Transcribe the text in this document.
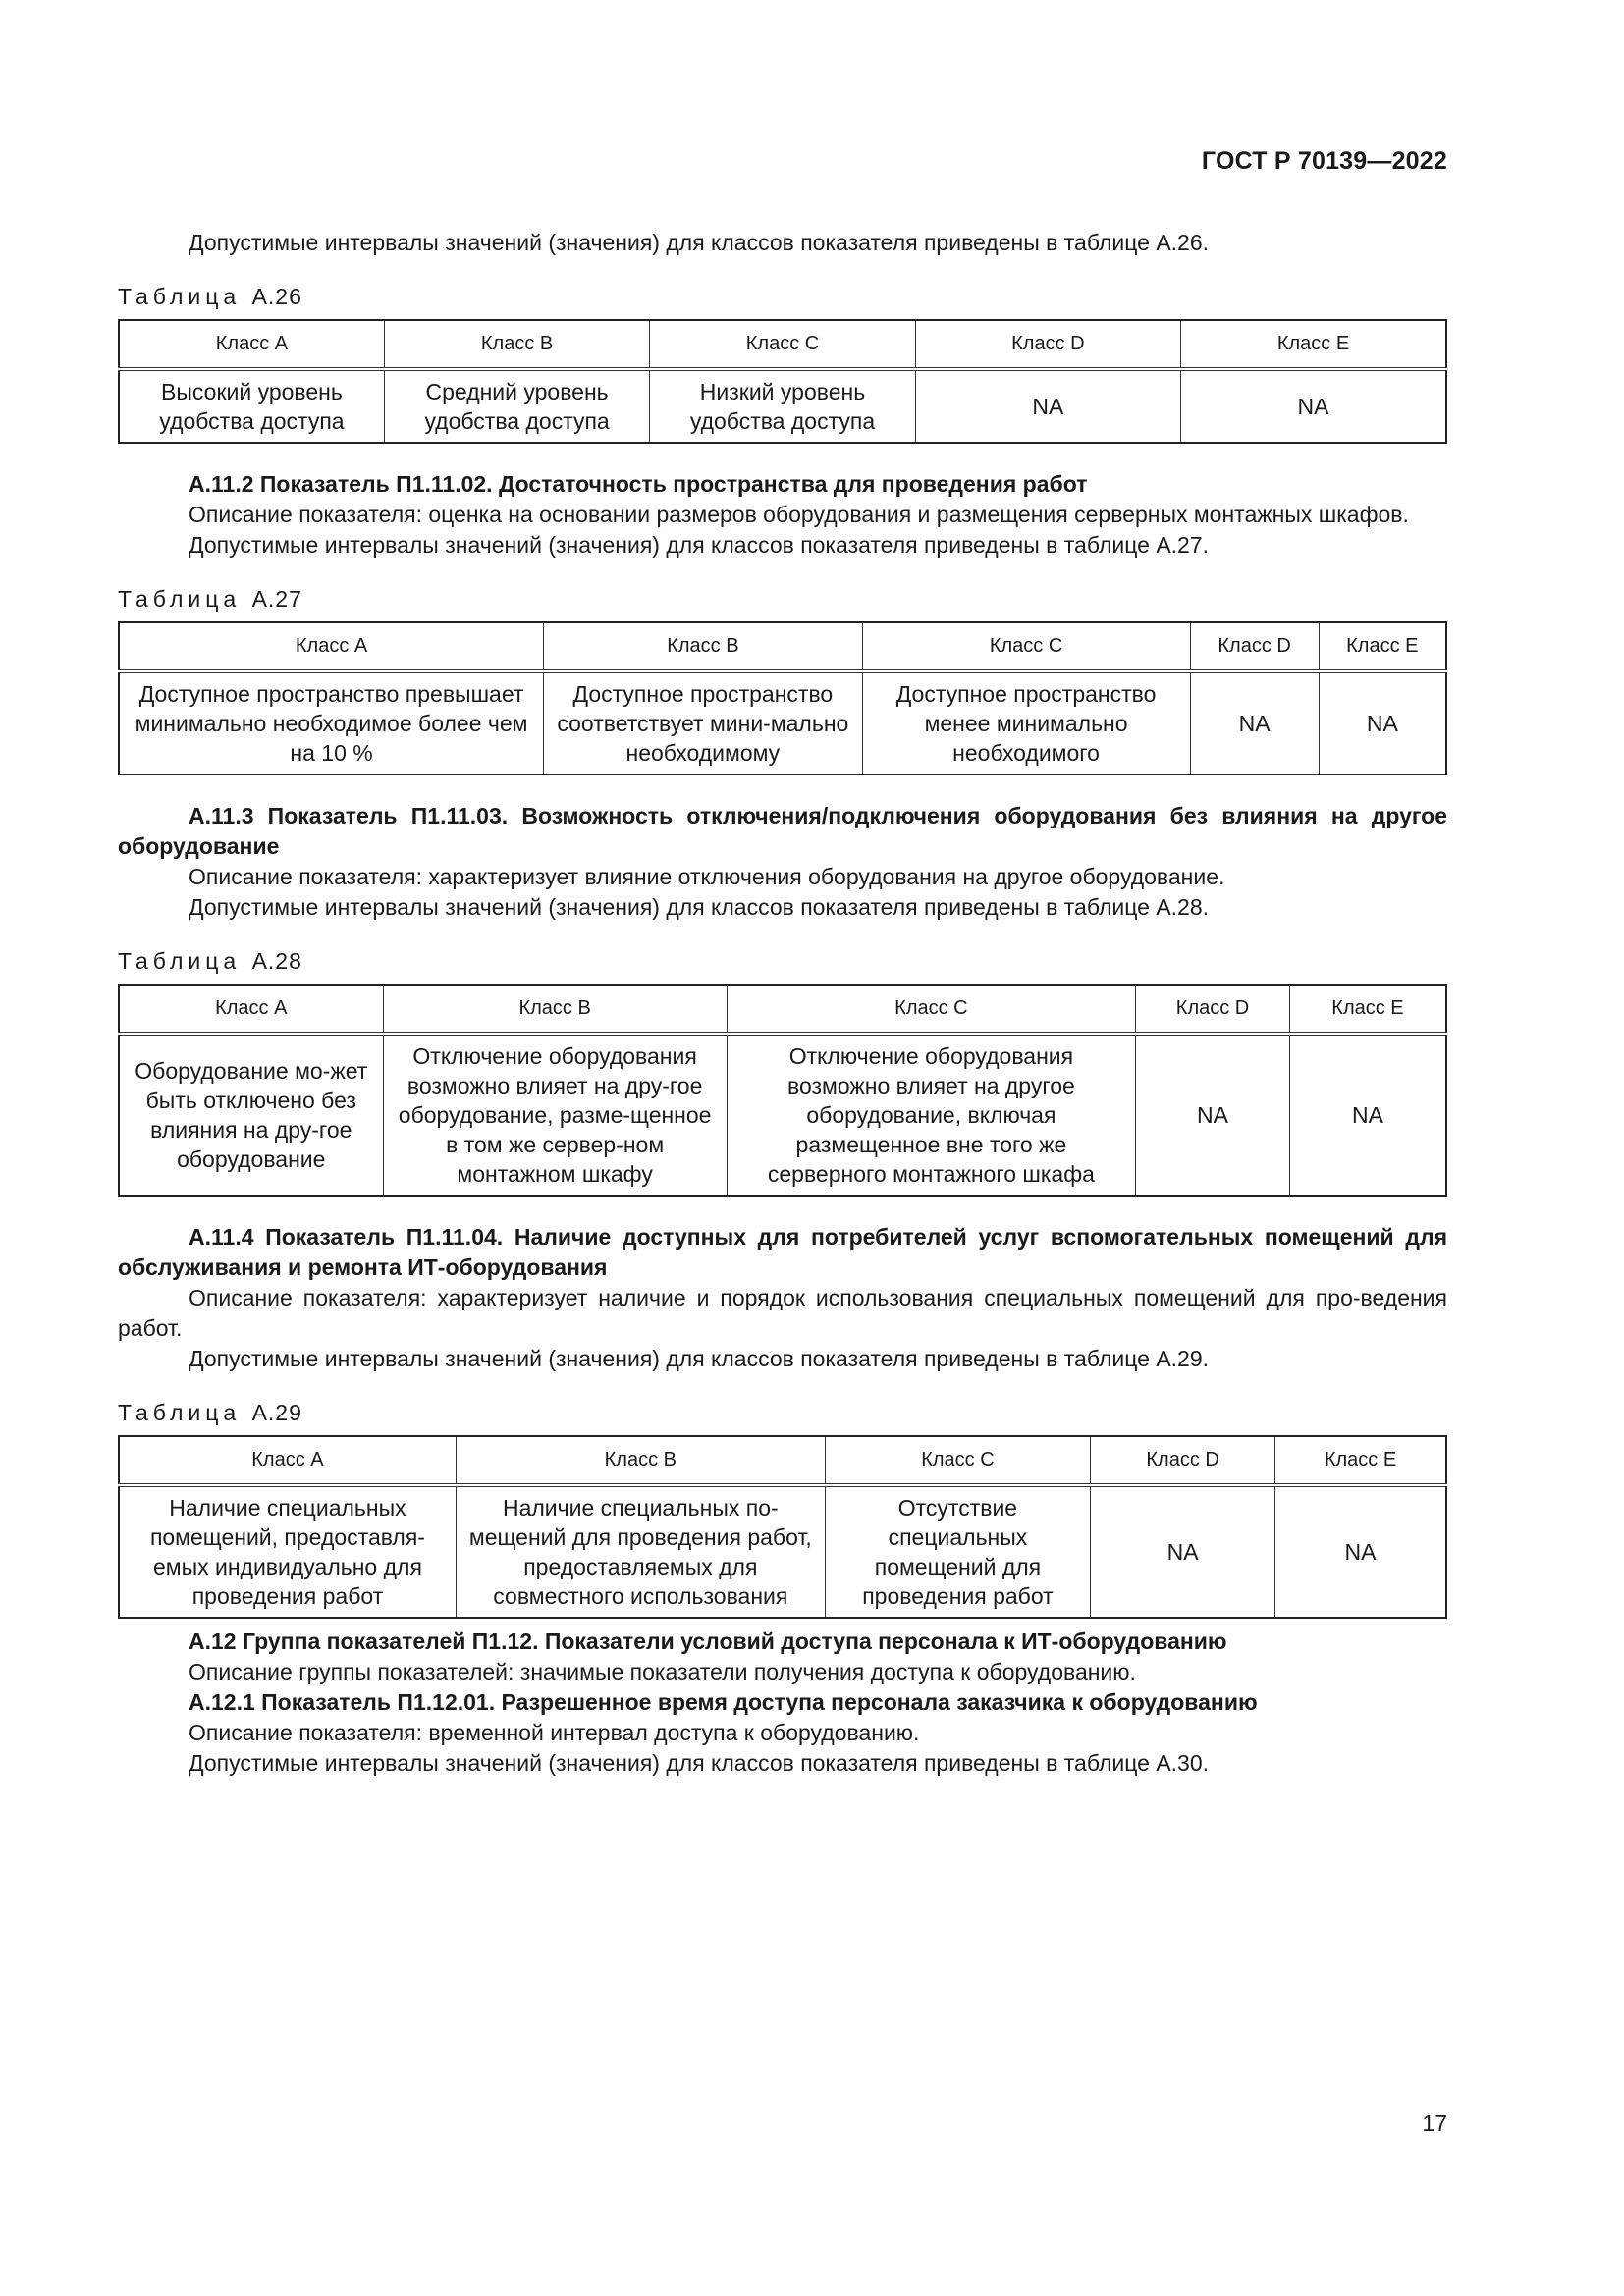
ГОСТ Р 70139—2022

Допустимые интервалы значений (значения) для классов показателя приведены в таблице А.26.

Таблица А.26
Класс A	Класс B	Класс C	Класс D	Класс E
Высокий уровень удобства доступа	Средний уровень удобства доступа	Низкий уровень удобства доступа	NA	NA

А.11.2 Показатель П1.11.02. Достаточность пространства для проведения работ

Описание показателя: оценка на основании размеров оборудования и размещения серверных монтажных шкафов.

Допустимые интервалы значений (значения) для классов показателя приведены в таблице А.27.

Таблица А.27
Класс A	Класс B	Класс C	Класс D	Класс E
Доступное пространство превышает минимально необходимое более чем на 10 %	Доступное пространство соответствует мини-мально необходимому	Доступное пространство менее минимально необходимого	NA	NA

А.11.3 Показатель П1.11.03. Возможность отключения/подключения оборудования без влияния на другое оборудование

Описание показателя: характеризует влияние отключения оборудования на другое оборудование.

Допустимые интервалы значений (значения) для классов показателя приведены в таблице А.28.

Таблица А.28
Класс A	Класс B	Класс C	Класс D	Класс E
Оборудование мо-жет быть отключено без влияния на дру-гое оборудование	Отключение оборудования возможно влияет на дру-гое оборудование, разме-щенное в том же сервер-ном монтажном шкафу	Отключение оборудования возможно влияет на другое оборудование, включая размещенное вне того же серверного монтажного шкафа	NA	NA

А.11.4 Показатель П1.11.04. Наличие доступных для потребителей услуг вспомогательных помещений для обслуживания и ремонта ИТ-оборудования

Описание показателя: характеризует наличие и порядок использования специальных помещений для про-ведения работ.

Допустимые интервалы значений (значения) для классов показателя приведены в таблице А.29.

Таблица А.29
Класс A	Класс B	Класс C	Класс D	Класс E
Наличие специальных помещений, предоставля-емых индивидуально для проведения работ	Наличие специальных по-мещений для проведения работ, предоставляемых для совместного использования	Отсутствие специальных помещений для проведения работ	NA	NA

А.12 Группа показателей П1.12. Показатели условий доступа персонала к ИТ-оборудованию

Описание группы показателей: значимые показатели получения доступа к оборудованию.

А.12.1 Показатель П1.12.01. Разрешенное время доступа персонала заказчика к оборудованию

Описание показателя: временной интервал доступа к оборудованию.

Допустимые интервалы значений (значения) для классов показателя приведены в таблице А.30.

17
